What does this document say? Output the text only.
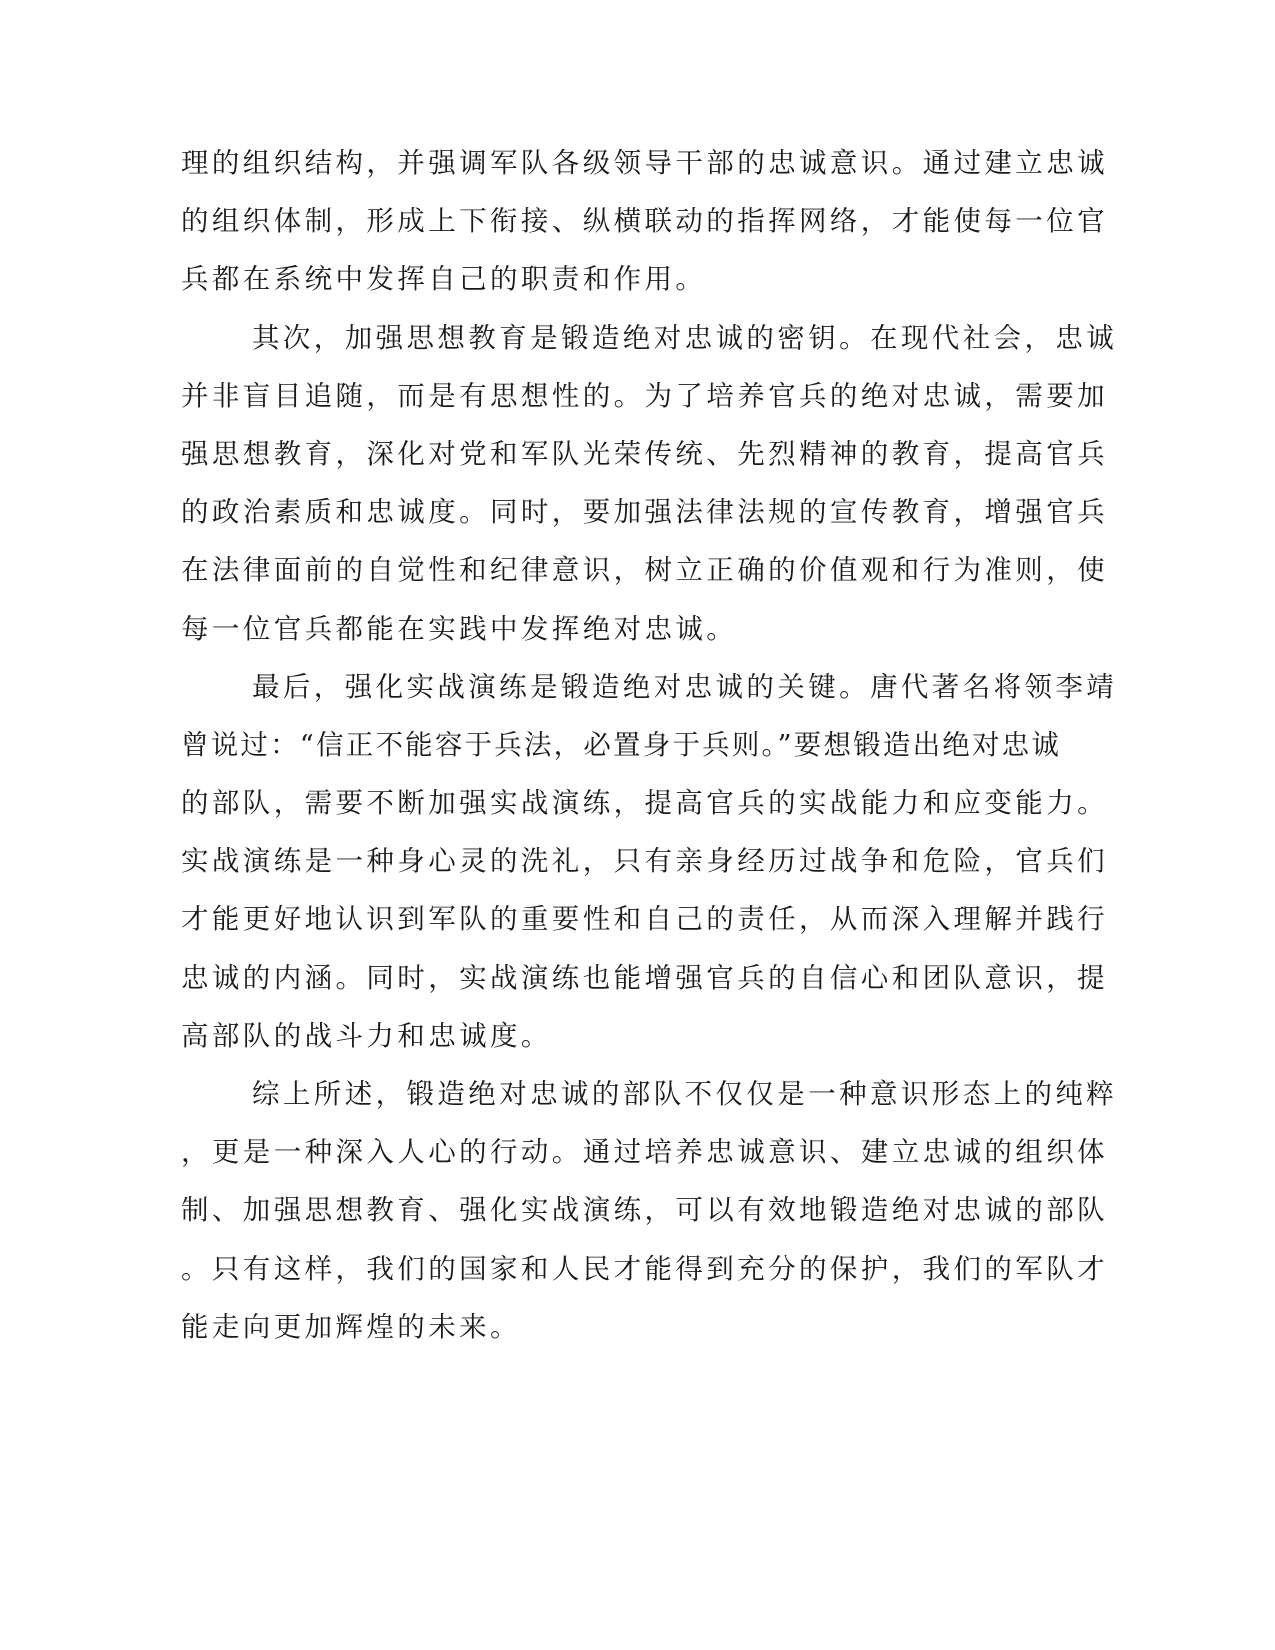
理的组织结构，并强调军队各级领导干部的忠诚意识。通过建立忠诚
的组织体制，形成上下衔接、纵横联动的指挥网络，才能使每一位官
兵都在系统中发挥自己的职责和作用。
其次，加强思想教育是锻造绝对忠诚的密钥。在现代社会，忠诚
并非盲目追随，而是有思想性的。为了培养官兵的绝对忠诚，需要加
强思想教育，深化对党和军队光荣传统、先烈精神的教育，提高官兵
的政治素质和忠诚度。同时，要加强法律法规的宣传教育，增强官兵
在法律面前的自觉性和纪律意识，树立正确的价值观和行为准则，使
每一位官兵都能在实践中发挥绝对忠诚。
最后，强化实战演练是锻造绝对忠诚的关键。唐代著名将领李靖
曾说过：“信正不能容于兵法，必置身于兵则。”要想锻造出绝对忠诚
的部队，需要不断加强实战演练，提高官兵的实战能力和应变能力。
实战演练是一种身心灵的洗礼，只有亲身经历过战争和危险，官兵们
才能更好地认识到军队的重要性和自己的责任，从而深入理解并践行
忠诚的内涵。同时，实战演练也能增强官兵的自信心和团队意识，提
高部队的战斗力和忠诚度。
综上所述，锻造绝对忠诚的部队不仅仅是一种意识形态上的纯粹
，更是一种深入人心的行动。通过培养忠诚意识、建立忠诚的组织体
制、加强思想教育、强化实战演练，可以有效地锻造绝对忠诚的部队
。只有这样，我们的国家和人民才能得到充分的保护，我们的军队才
能走向更加辉煌的未来。
